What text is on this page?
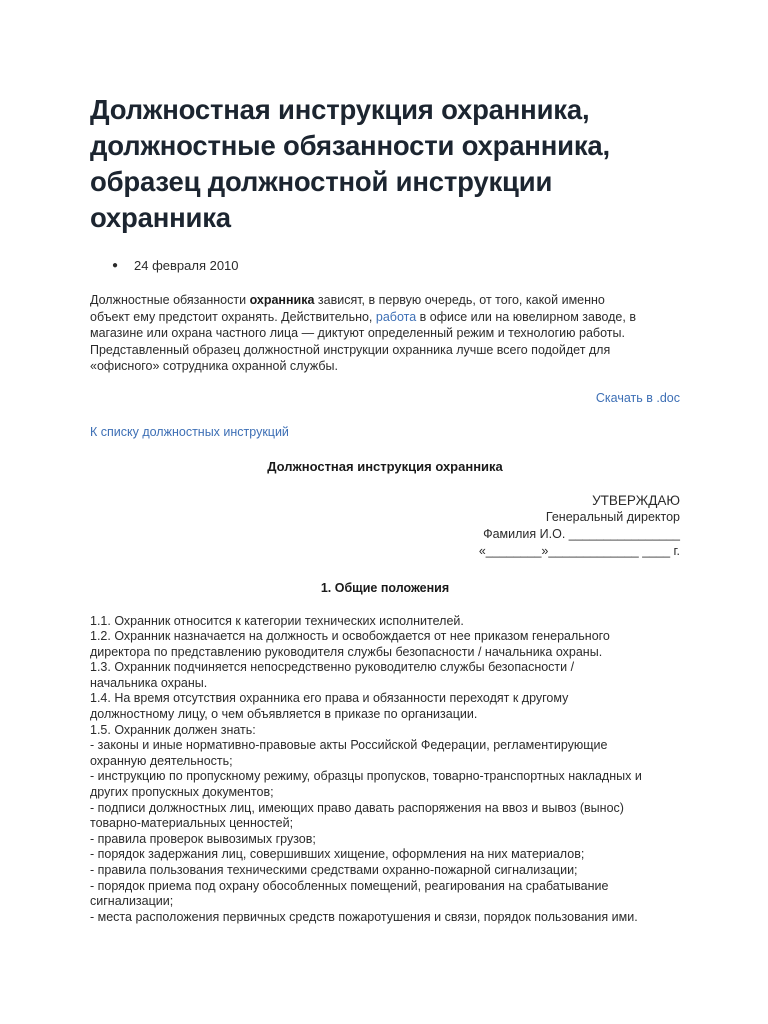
Должностная инструкция охранника,
должностные обязанности охранника,
образец должностной инструкции
охранника
● 24 февраля 2010

Должностные обязанности охранника зависят, в первую очередь, от того, какой именно
объект ему предстоит охранять. Действительно, работа в офисе или на ювелирном заводе, в
магазине или охрана частного лица — диктуют определенный режим и технологию работы.
Представленный образец должностной инструкции охранника лучше всего подойдет для
«офисного» сотрудника охранной службы.

Скачать в .doc
К списку должностных инструкций
Должностная инструкция охранника
УТВЕРЖДАЮ
Генеральный директор
Фамилия И.О. ________________
«________»_____________ ____ г.
1. Общие положения
1.1. Охранник относится к категории технических исполнителей.
1.2. Охранник назначается на должность и освобождается от нее приказом генерального
директора по представлению руководителя службы безопасности / начальника охраны.
1.3. Охранник подчиняется непосредственно руководителю службы безопасности /
начальника охраны.
1.4. На время отсутствия охранника его права и обязанности переходят к другому
должностному лицу, о чем объявляется в приказе по организации.
1.5. Охранник должен знать:
- законы и иные нормативно-правовые акты Российской Федерации, регламентирующие
охранную деятельность;
- инструкцию по пропускному режиму, образцы пропусков, товарно-транспортных накладных и
других пропускных документов;
- подписи должностных лиц, имеющих право давать распоряжения на ввоз и вывоз (вынос)
товарно-материальных ценностей;
- правила проверок вывозимых грузов;
- порядок задержания лиц, совершивших хищение, оформления на них материалов;
- правила пользования техническими средствами охранно-пожарной сигнализации;
- порядок приема под охрану обособленных помещений, реагирования на срабатывание
сигнализации;
- места расположения первичных средств пожаротушения и связи, порядок пользования ими.
